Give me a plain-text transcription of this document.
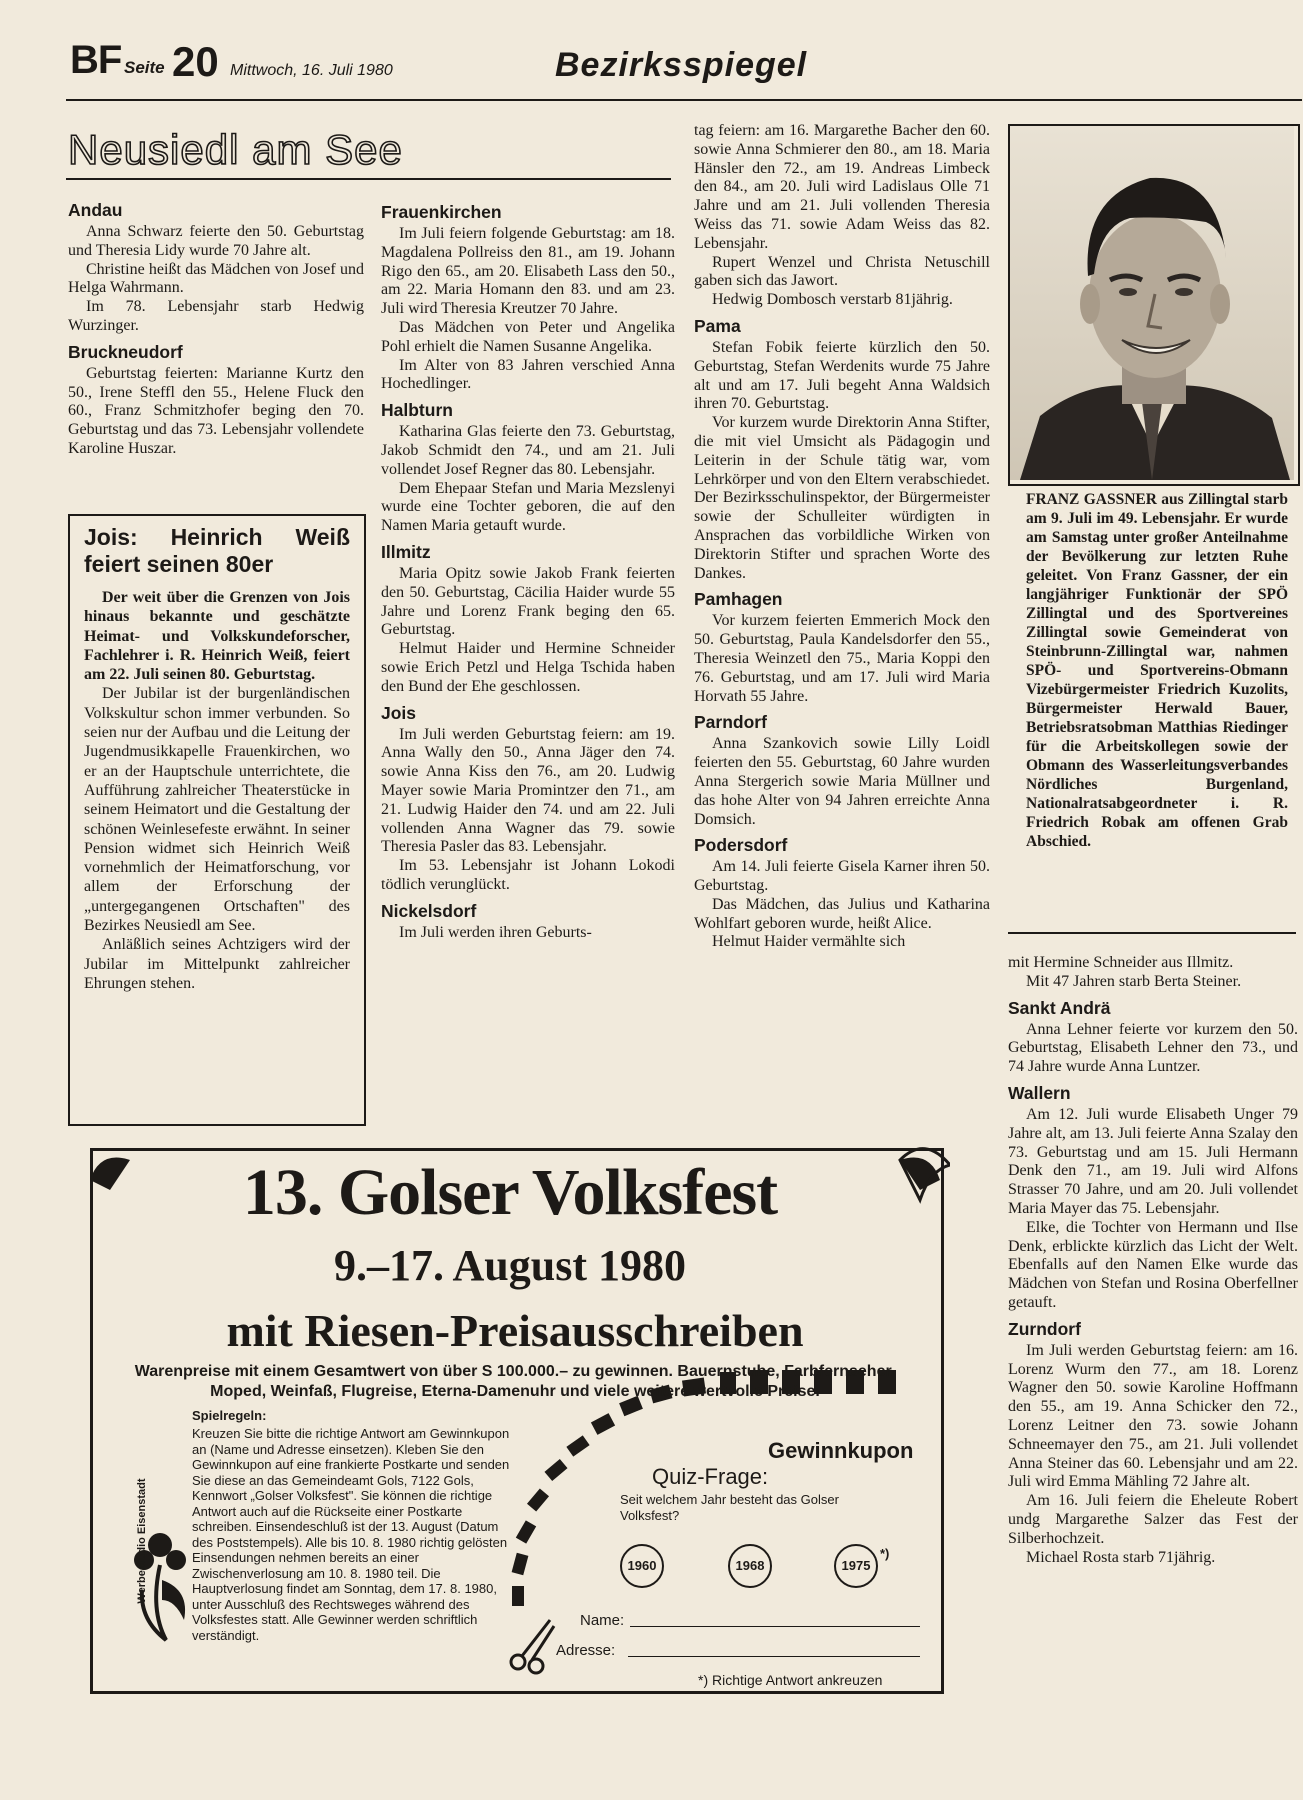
BF Seite 20 Mittwoch, 16. Juli 1980	Bezirksspiegel
Neusiedl am See
Andau

Anna Schwarz feierte den 50. Geburtstag und Theresia Lidy wurde 70 Jahre alt.

Christine heißt das Mädchen von Josef und Helga Wahrmann.

Im 78. Lebensjahr starb Hedwig Wurzinger.

Bruckneudorf

Geburtstag feierten: Marianne Kurtz den 50., Irene Steffl den 55., Helene Fluck den 60., Franz Schmitzhofer beging den 70. Geburtstag und das 73. Lebensjahr vollendete Karoline Huszar.

Jois: Heinrich Weiß feiert seinen 80er

Der weit über die Grenzen von Jois hinaus bekannte und geschätzte Heimat- und Volkskundeforscher, Fachlehrer i. R. Heinrich Weiß, feiert am 22. Juli seinen 80. Geburtstag.

Der Jubilar ist der burgenländischen Volkskultur schon immer verbunden. So seien nur der Aufbau und die Leitung der Jugendmusikkapelle Frauenkirchen, wo er an der Hauptschule unterrichtete, die Aufführung zahlreicher Theaterstücke in seinem Heimatort und die Gestaltung der schönen Weinlesefeste erwähnt. In seiner Pension widmet sich Heinrich Weiß vornehmlich der Heimatforschung, vor allem der Erforschung der „untergegangenen Ortschaften" des Bezirkes Neusiedl am See.

Anläßlich seines Achtzigers wird der Jubilar im Mittelpunkt zahlreicher Ehrungen stehen.

Frauenkirchen

Im Juli feiern folgende Geburtstag: am 18. Magdalena Pollreiss den 81., am 19. Johann Rigo den 65., am 20. Elisabeth Lass den 50., am 22. Maria Homann den 83. und am 23. Juli wird Theresia Kreutzer 70 Jahre.

Das Mädchen von Peter und Angelika Pohl erhielt die Namen Susanne Angelika.

Im Alter von 83 Jahren verschied Anna Hochedlinger.

Halbturn

Katharina Glas feierte den 73. Geburtstag, Jakob Schmidt den 74., und am 21. Juli vollendet Josef Regner das 80. Lebensjahr.

Dem Ehepaar Stefan und Maria Mezslenyi wurde eine Tochter geboren, die auf den Namen Maria getauft wurde.

Illmitz

Maria Opitz sowie Jakob Frank feierten den 50. Geburtstag, Cäcilia Haider wurde 55 Jahre und Lorenz Frank beging den 65. Geburtstag.

Helmut Haider und Hermine Schneider sowie Erich Petzl und Helga Tschida haben den Bund der Ehe geschlossen.

Jois

Im Juli werden Geburtstag feiern: am 19. Anna Wally den 50., Anna Jäger den 74. sowie Anna Kiss den 76., am 20. Ludwig Mayer sowie Maria Promintzer den 71., am 21. Ludwig Haider den 74. und am 22. Juli vollenden Anna Wagner das 79. sowie Theresia Pasler das 83. Lebensjahr.

Im 53. Lebensjahr ist Johann Lokodi tödlich verunglückt.

Nickelsdorf

Im Juli werden ihren Geburts-

tag feiern: am 16. Margarethe Bacher den 60. sowie Anna Schmierer den 80., am 18. Maria Hänsler den 72., am 19. Andreas Limbeck den 84., am 20. Juli wird Ladislaus Olle 71 Jahre und am 21. Juli vollenden Theresia Weiss das 71. sowie Adam Weiss das 82. Lebensjahr.

Rupert Wenzel und Christa Netuschill gaben sich das Jawort.

Hedwig Dombosch verstarb 81jährig.

Pama

Stefan Fobik feierte kürzlich den 50. Geburtstag, Stefan Werdenits wurde 75 Jahre alt und am 17. Juli begeht Anna Waldsich ihren 70. Geburtstag.

Vor kurzem wurde Direktorin Anna Stifter, die mit viel Umsicht als Pädagogin und Leiterin in der Schule tätig war, vom Lehrkörper und von den Eltern verabschiedet. Der Bezirksschulinspektor, der Bürgermeister sowie der Schulleiter würdigten in Ansprachen das vorbildliche Wirken von Direktorin Stifter und sprachen Worte des Dankes.

Pamhagen

Vor kurzem feierten Emmerich Mock den 50. Geburtstag, Paula Kandelsdorfer den 55., Theresia Weinzetl den 75., Maria Koppi den 76. Geburtstag, und am 17. Juli wird Maria Horvath 55 Jahre.

Parndorf

Anna Szankovich sowie Lilly Loidl feierten den 55. Geburtstag, 60 Jahre wurden Anna Stergerich sowie Maria Müllner und das hohe Alter von 94 Jahren erreichte Anna Domsich.

Podersdorf

Am 14. Juli feierte Gisela Karner ihren 50. Geburtstag.

Das Mädchen, das Julius und Katharina Wohlfart geboren wurde, heißt Alice.

Helmut Haider vermählte sich

FRANZ GASSNER aus Zillingtal starb am 9. Juli im 49. Lebensjahr. Er wurde am Samstag unter großer Anteilnahme der Bevölkerung zur letzten Ruhe geleitet. Von Franz Gassner, der ein langjähriger Funktionär der SPÖ Zillingtal und des Sportvereines Zillingtal sowie Gemeinderat von Steinbrunn-Zillingtal war, nahmen SPÖ- und Sportvereins-Obmann Vizebürgermeister Friedrich Kuzolits, Bürgermeister Herwald Bauer, Betriebsratsobman Matthias Riedinger für die Arbeitskollegen sowie der Obmann des Wasserleitungsverbandes Nördliches Burgenland, Nationalratsabgeordneter i. R. Friedrich Robak am offenen Grab Abschied.

mit Hermine Schneider aus Illmitz.

Mit 47 Jahren starb Berta Steiner.

Sankt Andrä

Anna Lehner feierte vor kurzem den 50. Geburtstag, Elisabeth Lehner den 73., und 74 Jahre wurde Anna Luntzer.

Wallern

Am 12. Juli wurde Elisabeth Unger 79 Jahre alt, am 13. Juli feierte Anna Szalay den 73. Geburtstag und am 15. Juli Hermann Denk den 71., am 19. Juli wird Alfons Strasser 70 Jahre, und am 20. Juli vollendet Maria Mayer das 75. Lebensjahr.

Elke, die Tochter von Hermann und Ilse Denk, erblickte kürzlich das Licht der Welt. Ebenfalls auf den Namen Elke wurde das Mädchen von Stefan und Rosina Oberfellner getauft.

Zurndorf

Im Juli werden Geburtstag feiern: am 16. Lorenz Wurm den 77., am 18. Lorenz Wagner den 50. sowie Karoline Hoffmann den 55., am 19. Anna Schicker den 72., Lorenz Leitner den 73. sowie Johann Schneemayer den 75., am 21. Juli vollendet Anna Steiner das 60. Lebensjahr und am 22. Juli wird Emma Mähling 72 Jahre alt.

Am 16. Juli feiern die Eheleute Robert undg Margarethe Salzer das Fest der Silberhochzeit.

Michael Rosta starb 71jährig.

13. Golser Volksfest
9.–17. August 1980
mit Riesen-Preisausschreiben
Warenpreise mit einem Gesamtwert von über S 100.000.– zu gewinnen. Bauernstube, Farbfernseher, Moped, Weinfaß, Flugreise, Eterna-Damenuhr und viele weitere wertvolle Preise.
Spielregeln:
Kreuzen Sie bitte die richtige Antwort am Gewinnkupon an (Name und Adresse einsetzen). Kleben Sie den Gewinnkupon auf eine frankierte Postkarte und senden Sie diese an das Gemeindeamt Gols, 7122 Gols, Kennwort „Golser Volksfest". Sie können die richtige Antwort auch auf die Rückseite einer Postkarte schreiben. Einsendeschluß ist der 13. August (Datum des Poststempels). Alle bis 10. 8. 1980 richtig gelösten Einsendungen nehmen bereits an einer Zwischenverlosung am 10. 8. 1980 teil. Die Hauptverlosung findet am Sonntag, dem 17. 8. 1980, unter Ausschluß des Rechtsweges während des Volksfestes statt. Alle Gewinner werden schriftlich verständigt.
Werbestudio Eisenstadt
Gewinnkupon
Quiz-Frage:
Seit welchem Jahr besteht das Golser Volksfest?
1960	1968	1975
*)
Name:
Adresse:
*) Richtige Antwort ankreuzen
